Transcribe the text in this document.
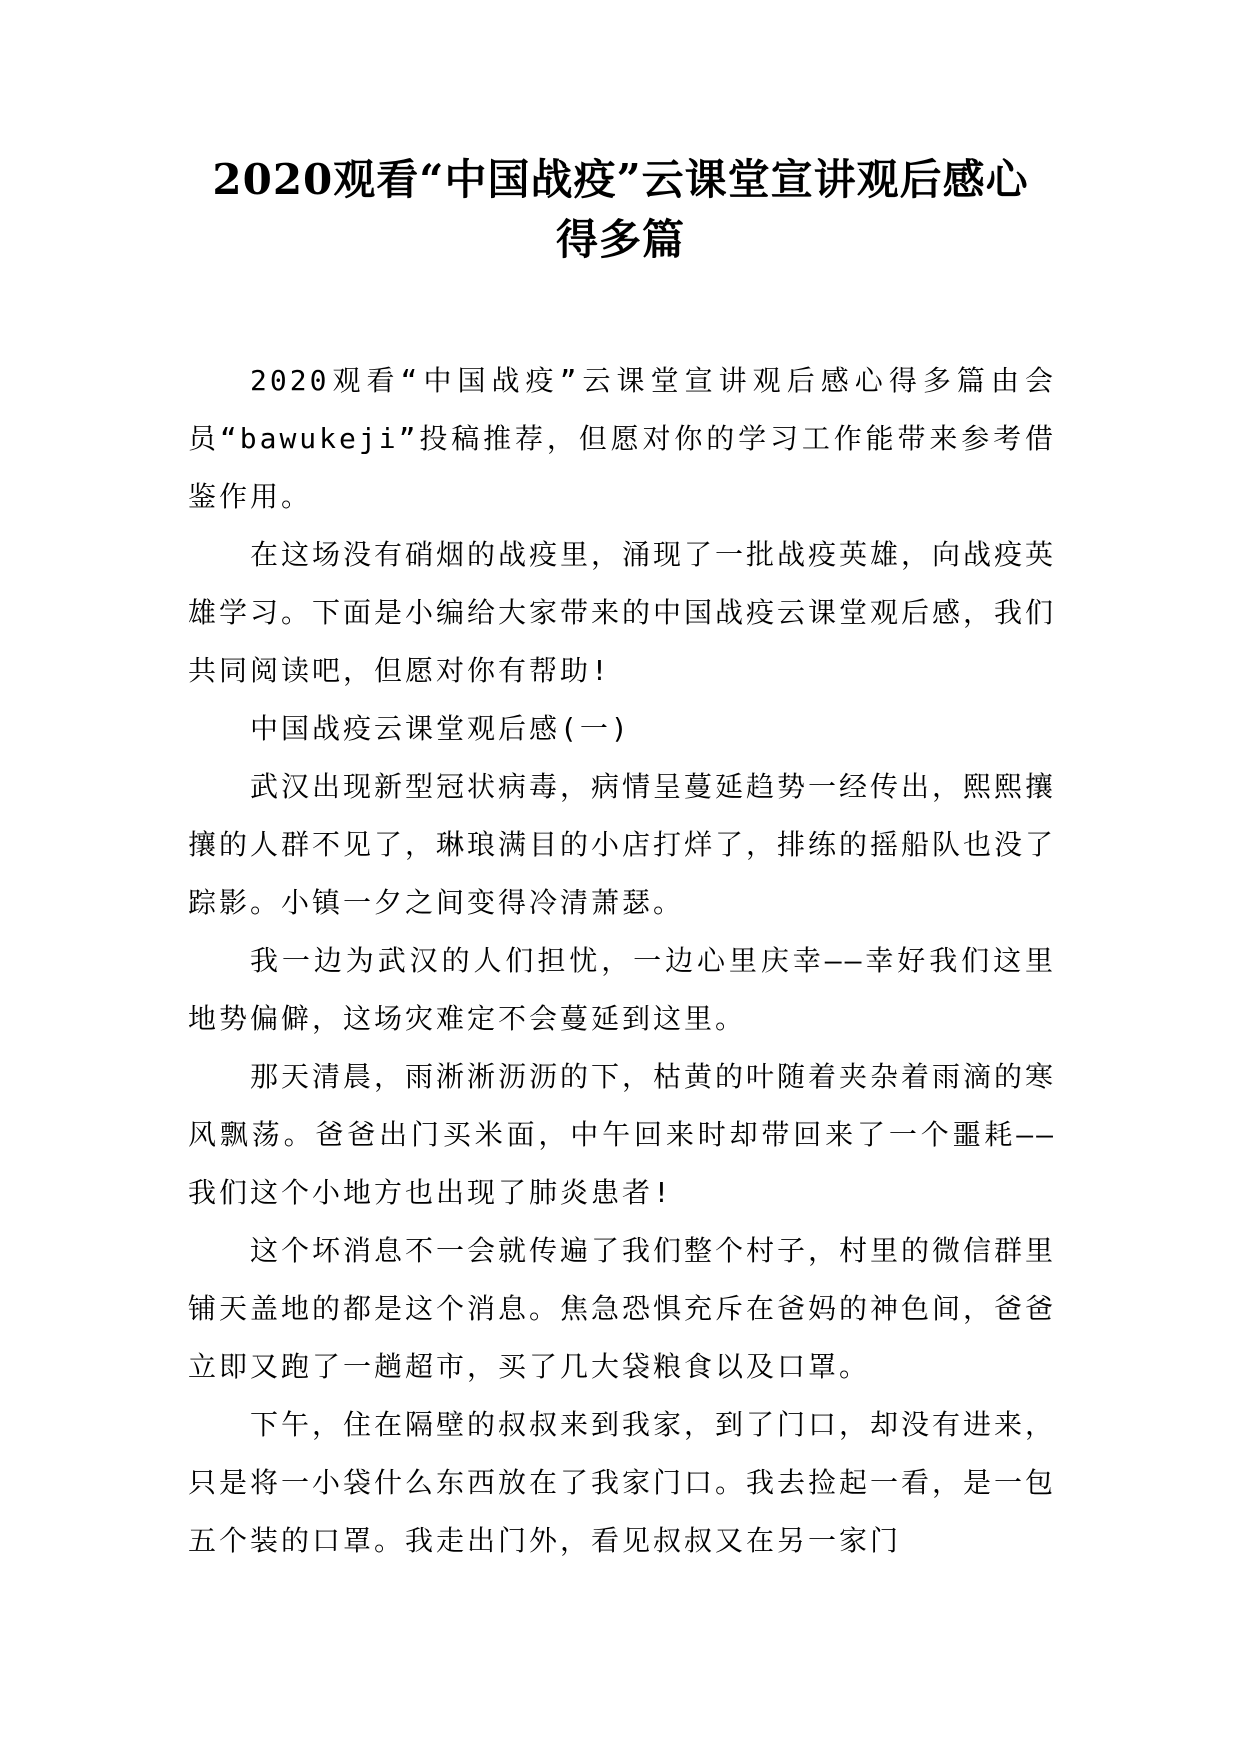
2020观看“中国战疫”云课堂宣讲观后感心
得多篇

2020观看“中国战疫”云课堂宣讲观后感心得多篇由会员“bawukeji”投稿推荐，但愿对你的学习工作能带来参考借鉴作用。

在这场没有硝烟的战疫里，涌现了一批战疫英雄，向战疫英雄学习。下面是小编给大家带来的中国战疫云课堂观后感，我们共同阅读吧，但愿对你有帮助!

中国战疫云课堂观后感(一)

武汉出现新型冠状病毒，病情呈蔓延趋势一经传出，熙熙攘攘的人群不见了，琳琅满目的小店打烊了，排练的摇船队也没了踪影。小镇一夕之间变得冷清萧瑟。

我一边为武汉的人们担忧，一边心里庆幸——幸好我们这里地势偏僻，这场灾难定不会蔓延到这里。

那天清晨，雨淅淅沥沥的下，枯黄的叶随着夹杂着雨滴的寒风飘荡。爸爸出门买米面，中午回来时却带回来了一个噩耗——我们这个小地方也出现了肺炎患者!

这个坏消息不一会就传遍了我们整个村子，村里的微信群里铺天盖地的都是这个消息。焦急恐惧充斥在爸妈的神色间，爸爸立即又跑了一趟超市，买了几大袋粮食以及口罩。

下午，住在隔壁的叔叔来到我家，到了门口，却没有进来，只是将一小袋什么东西放在了我家门口。我去捡起一看，是一包五个装的口罩。我走出门外，看见叔叔又在另一家门
